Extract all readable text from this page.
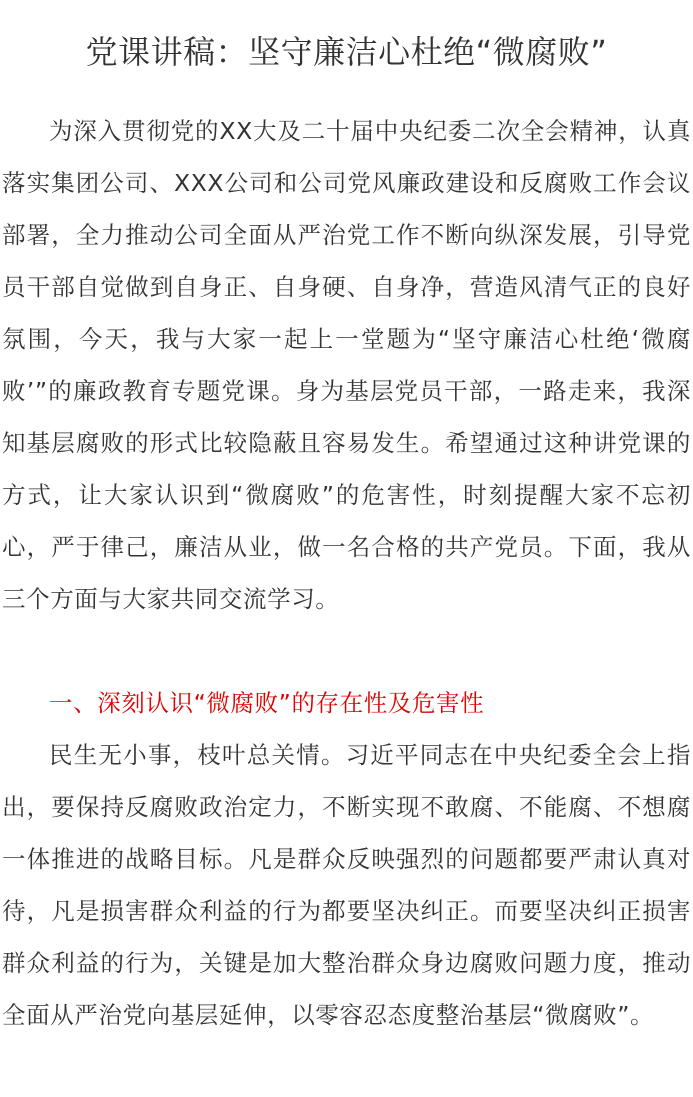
党课讲稿：坚守廉洁心杜绝“微腐败”

为深入贯彻党的XX大及二十届中央纪委二次全会精神，认真落实集团公司、XXX公司和公司党风廉政建设和反腐败工作会议部署，全力推动公司全面从严治党工作不断向纵深发展，引导党员干部自觉做到自身正、自身硬、自身净，营造风清气正的良好氛围，今天，我与大家一起上一堂题为“坚守廉洁心杜绝‘微腐败’”的廉政教育专题党课。身为基层党员干部，一路走来，我深知基层腐败的形式比较隐蔽且容易发生。希望通过这种讲党课的方式，让大家认识到“微腐败”的危害性，时刻提醒大家不忘初心，严于律己，廉洁从业，做一名合格的共产党员。下面，我从三个方面与大家共同交流学习。

一、深刻认识“微腐败”的存在性及危害性

民生无小事，枝叶总关情。习近平同志在中央纪委全会上指出，要保持反腐败政治定力，不断实现不敢腐、不能腐、不想腐一体推进的战略目标。凡是群众反映强烈的问题都要严肃认真对待，凡是损害群众利益的行为都要坚决纠正。而要坚决纠正损害群众利益的行为，关键是加大整治群众身边腐败问题力度，推动全面从严治党向基层延伸，以零容忍态度整治基层“微腐败”。
